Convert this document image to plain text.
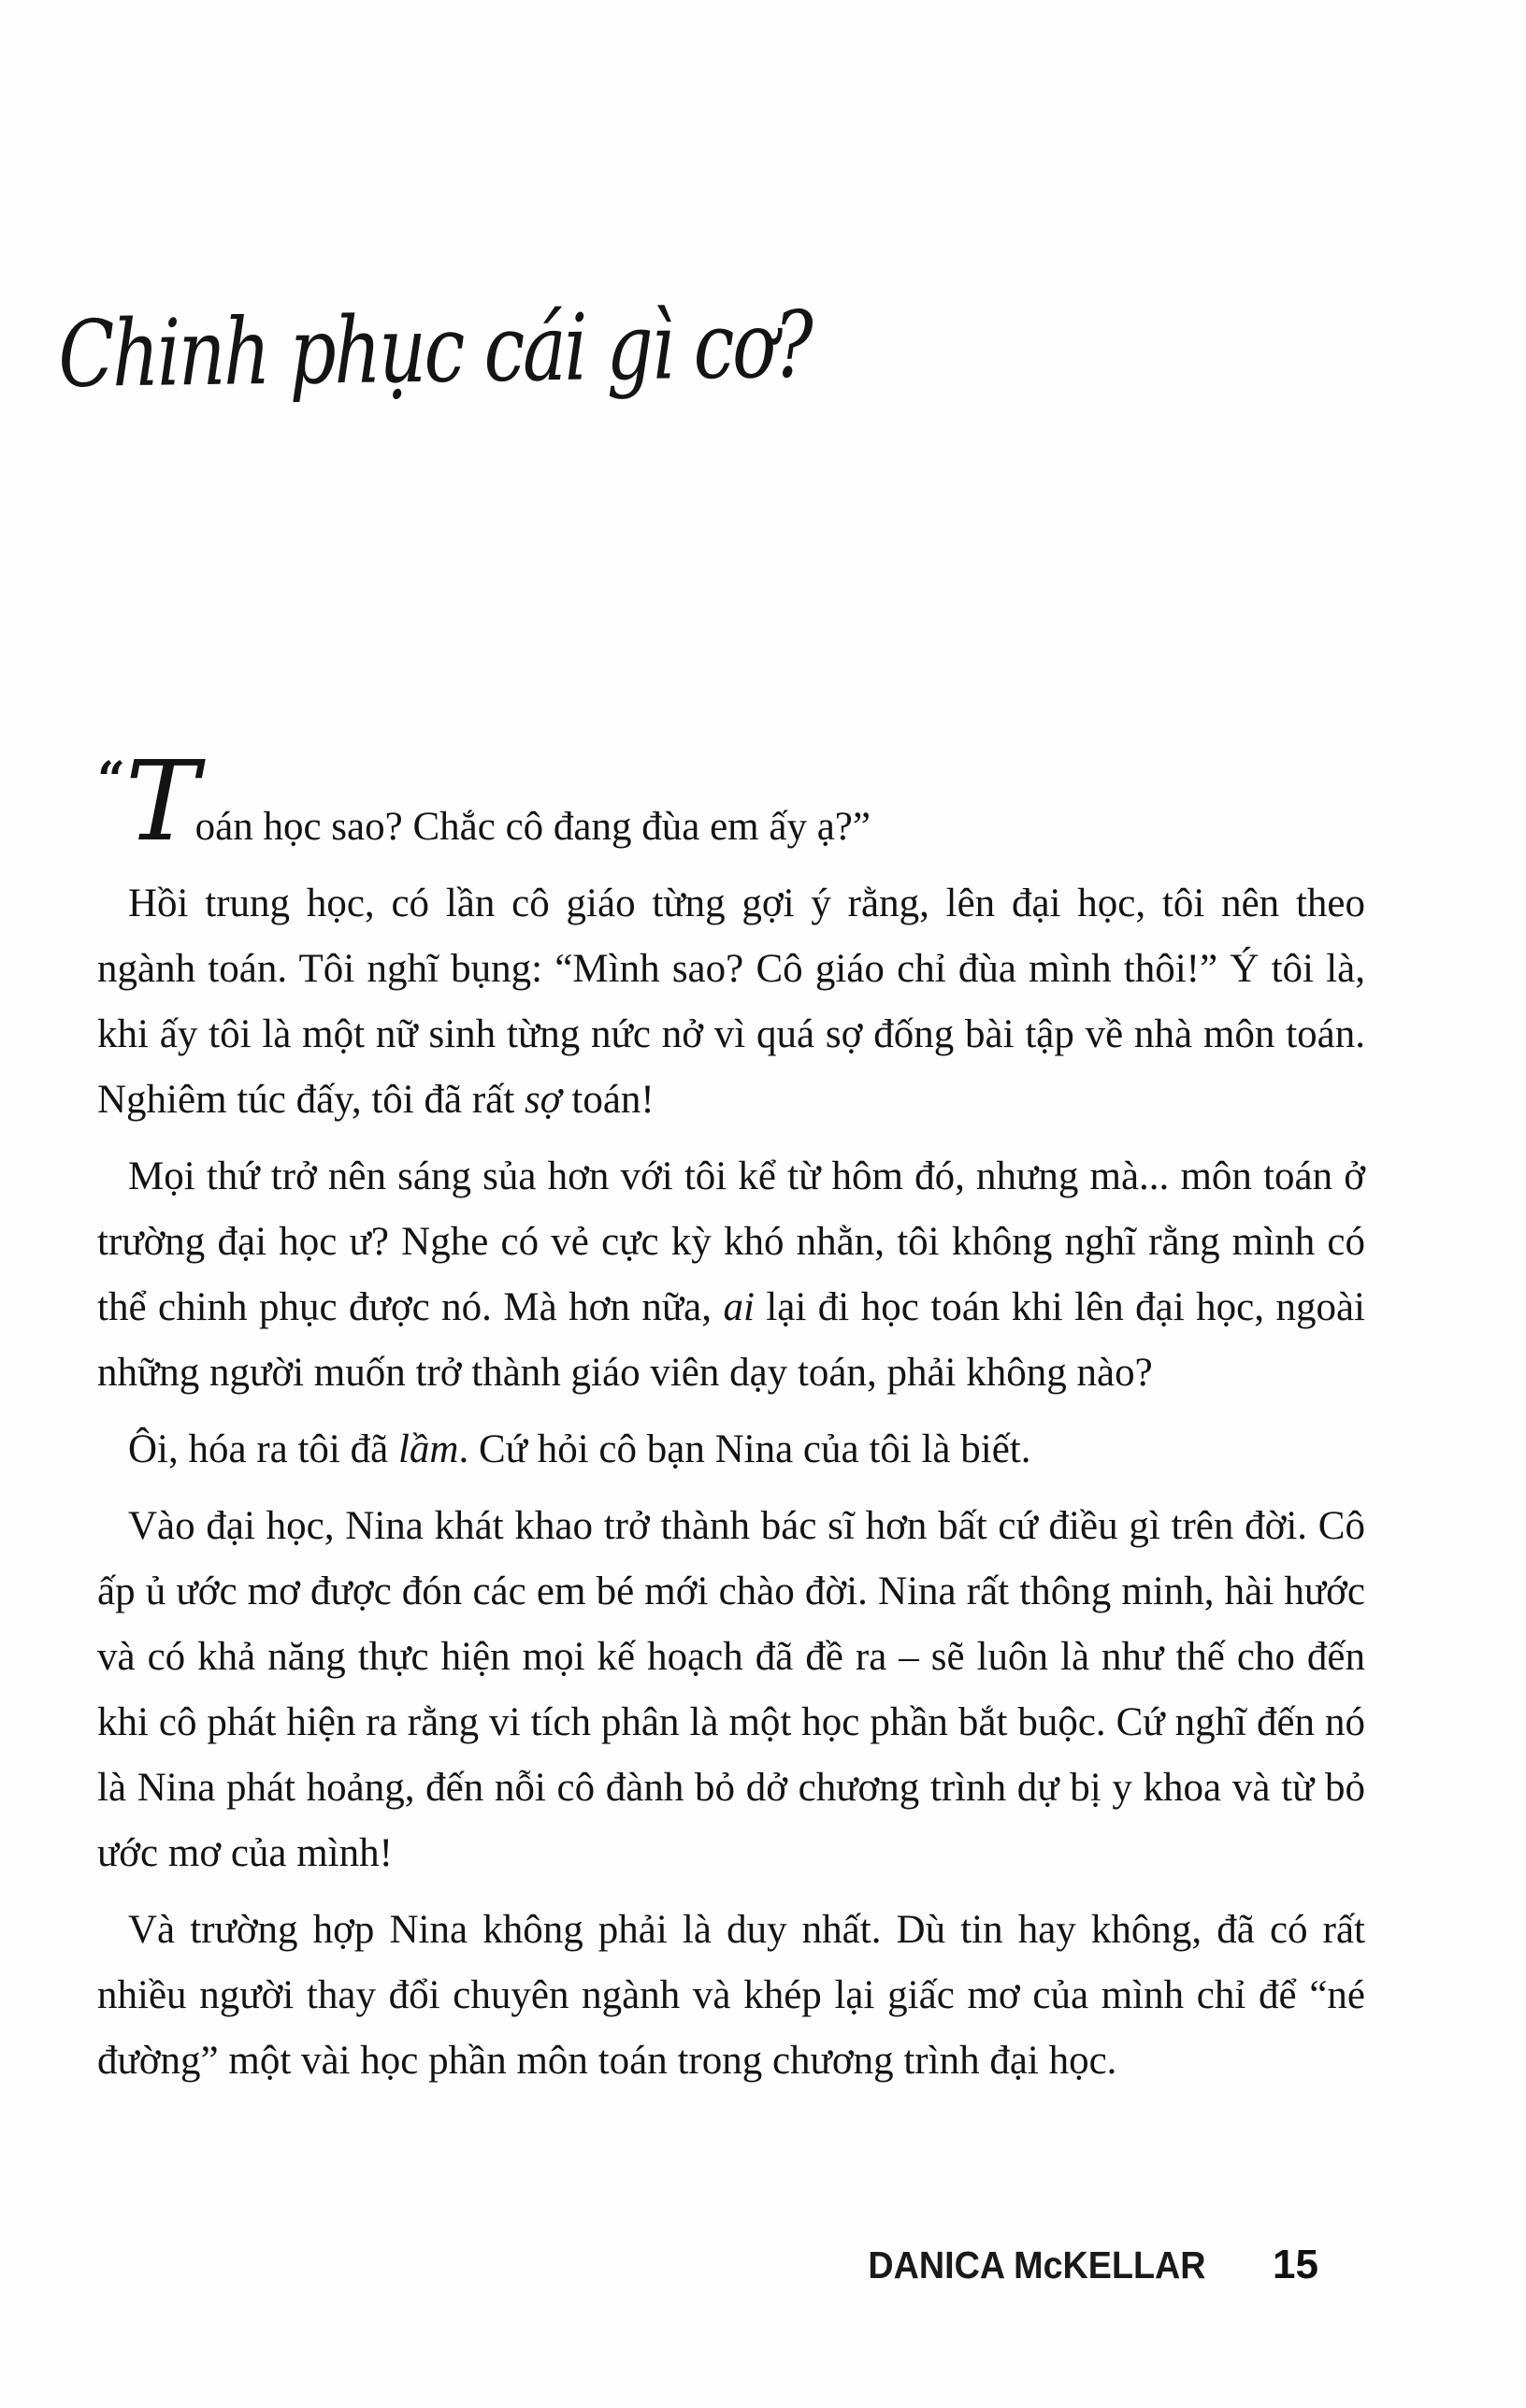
Chinh phục cái gì cơ?

“Toán học sao? Chắc cô đang đùa em ấy ạ?”

Hồi trung học, có lần cô giáo từng gợi ý rằng, lên đại học, tôi nên theo ngành toán. Tôi nghĩ bụng: “Mình sao? Cô giáo chỉ đùa mình thôi!” Ý tôi là, khi ấy tôi là một nữ sinh từng nức nở vì quá sợ đống bài tập về nhà môn toán. Nghiêm túc đấy, tôi đã rất sợ toán!

Mọi thứ trở nên sáng sủa hơn với tôi kể từ hôm đó, nhưng mà... môn toán ở trường đại học ư? Nghe có vẻ cực kỳ khó nhằn, tôi không nghĩ rằng mình có thể chinh phục được nó. Mà hơn nữa, ai lại đi học toán khi lên đại học, ngoài những người muốn trở thành giáo viên dạy toán, phải không nào?

Ôi, hóa ra tôi đã lầm. Cứ hỏi cô bạn Nina của tôi là biết.

Vào đại học, Nina khát khao trở thành bác sĩ hơn bất cứ điều gì trên đời. Cô ấp ủ ước mơ được đón các em bé mới chào đời. Nina rất thông minh, hài hước và có khả năng thực hiện mọi kế hoạch đã đề ra – sẽ luôn là như thế cho đến khi cô phát hiện ra rằng vi tích phân là một học phần bắt buộc. Cứ nghĩ đến nó là Nina phát hoảng, đến nỗi cô đành bỏ dở chương trình dự bị y khoa và từ bỏ ước mơ của mình!

Và trường hợp Nina không phải là duy nhất. Dù tin hay không, đã có rất nhiều người thay đổi chuyên ngành và khép lại giấc mơ của mình chỉ để “né đường” một vài học phần môn toán trong chương trình đại học.

DANICA McKELLAR 15
